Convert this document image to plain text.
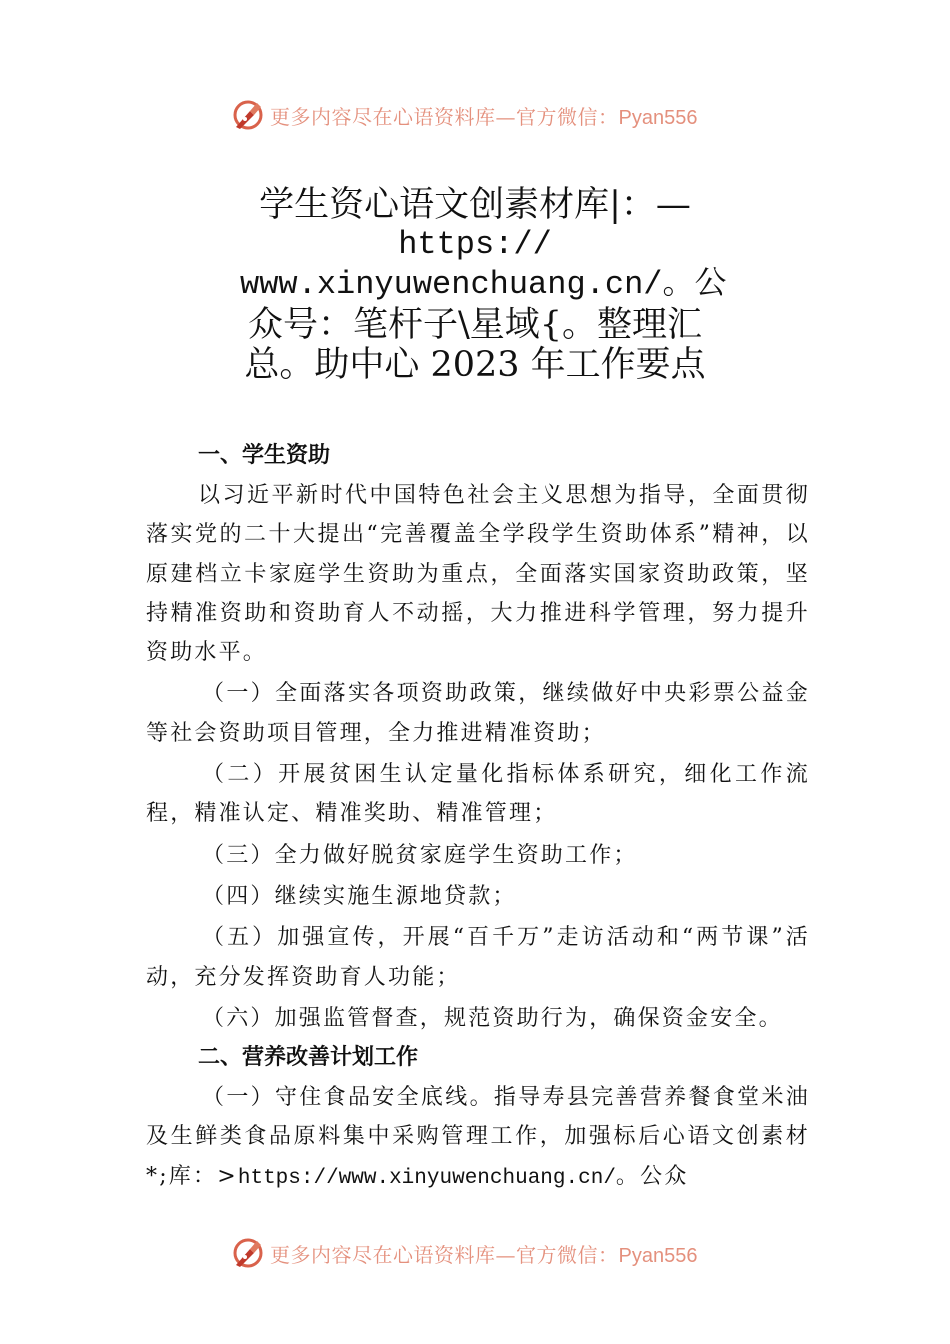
更多内容尽在心语资料库—官方微信：Pyan556
学生资心语文创素材库|：—
https://
www.xinyuwenchuang.cn/。公
众号：笔杆子\星域{。整理汇
总。助中心 2023 年工作要点
一、学生资助

以习近平新时代中国特色社会主义思想为指导，全面贯彻落实党的二十大提出“完善覆盖全学段学生资助体系”精神，以原建档立卡家庭学生资助为重点，全面落实国家资助政策，坚持精准资助和资助育人不动摇，大力推进科学管理，努力提升资助水平。

（一）全面落实各项资助政策，继续做好中央彩票公益金等社会资助项目管理，全力推进精准资助；

（二）开展贫困生认定量化指标体系研究，细化工作流程，精准认定、精准奖助、精准管理；

（三）全力做好脱贫家庭学生资助工作；

（四）继续实施生源地贷款；

（五）加强宣传，开展“百千万”走访活动和“两节课”活动，充分发挥资助育人功能；

（六）加强监管督查，规范资助行为，确保资金安全。

二、营养改善计划工作

（一）守住食品安全底线。指导寿县完善营养餐食堂米油及生鲜类食品原料集中采购管理工作，加强标后心语文创素材*;库：>https://www.xinyuwenchuang.cn/。公众

更多内容尽在心语资料库—官方微信：Pyan556
